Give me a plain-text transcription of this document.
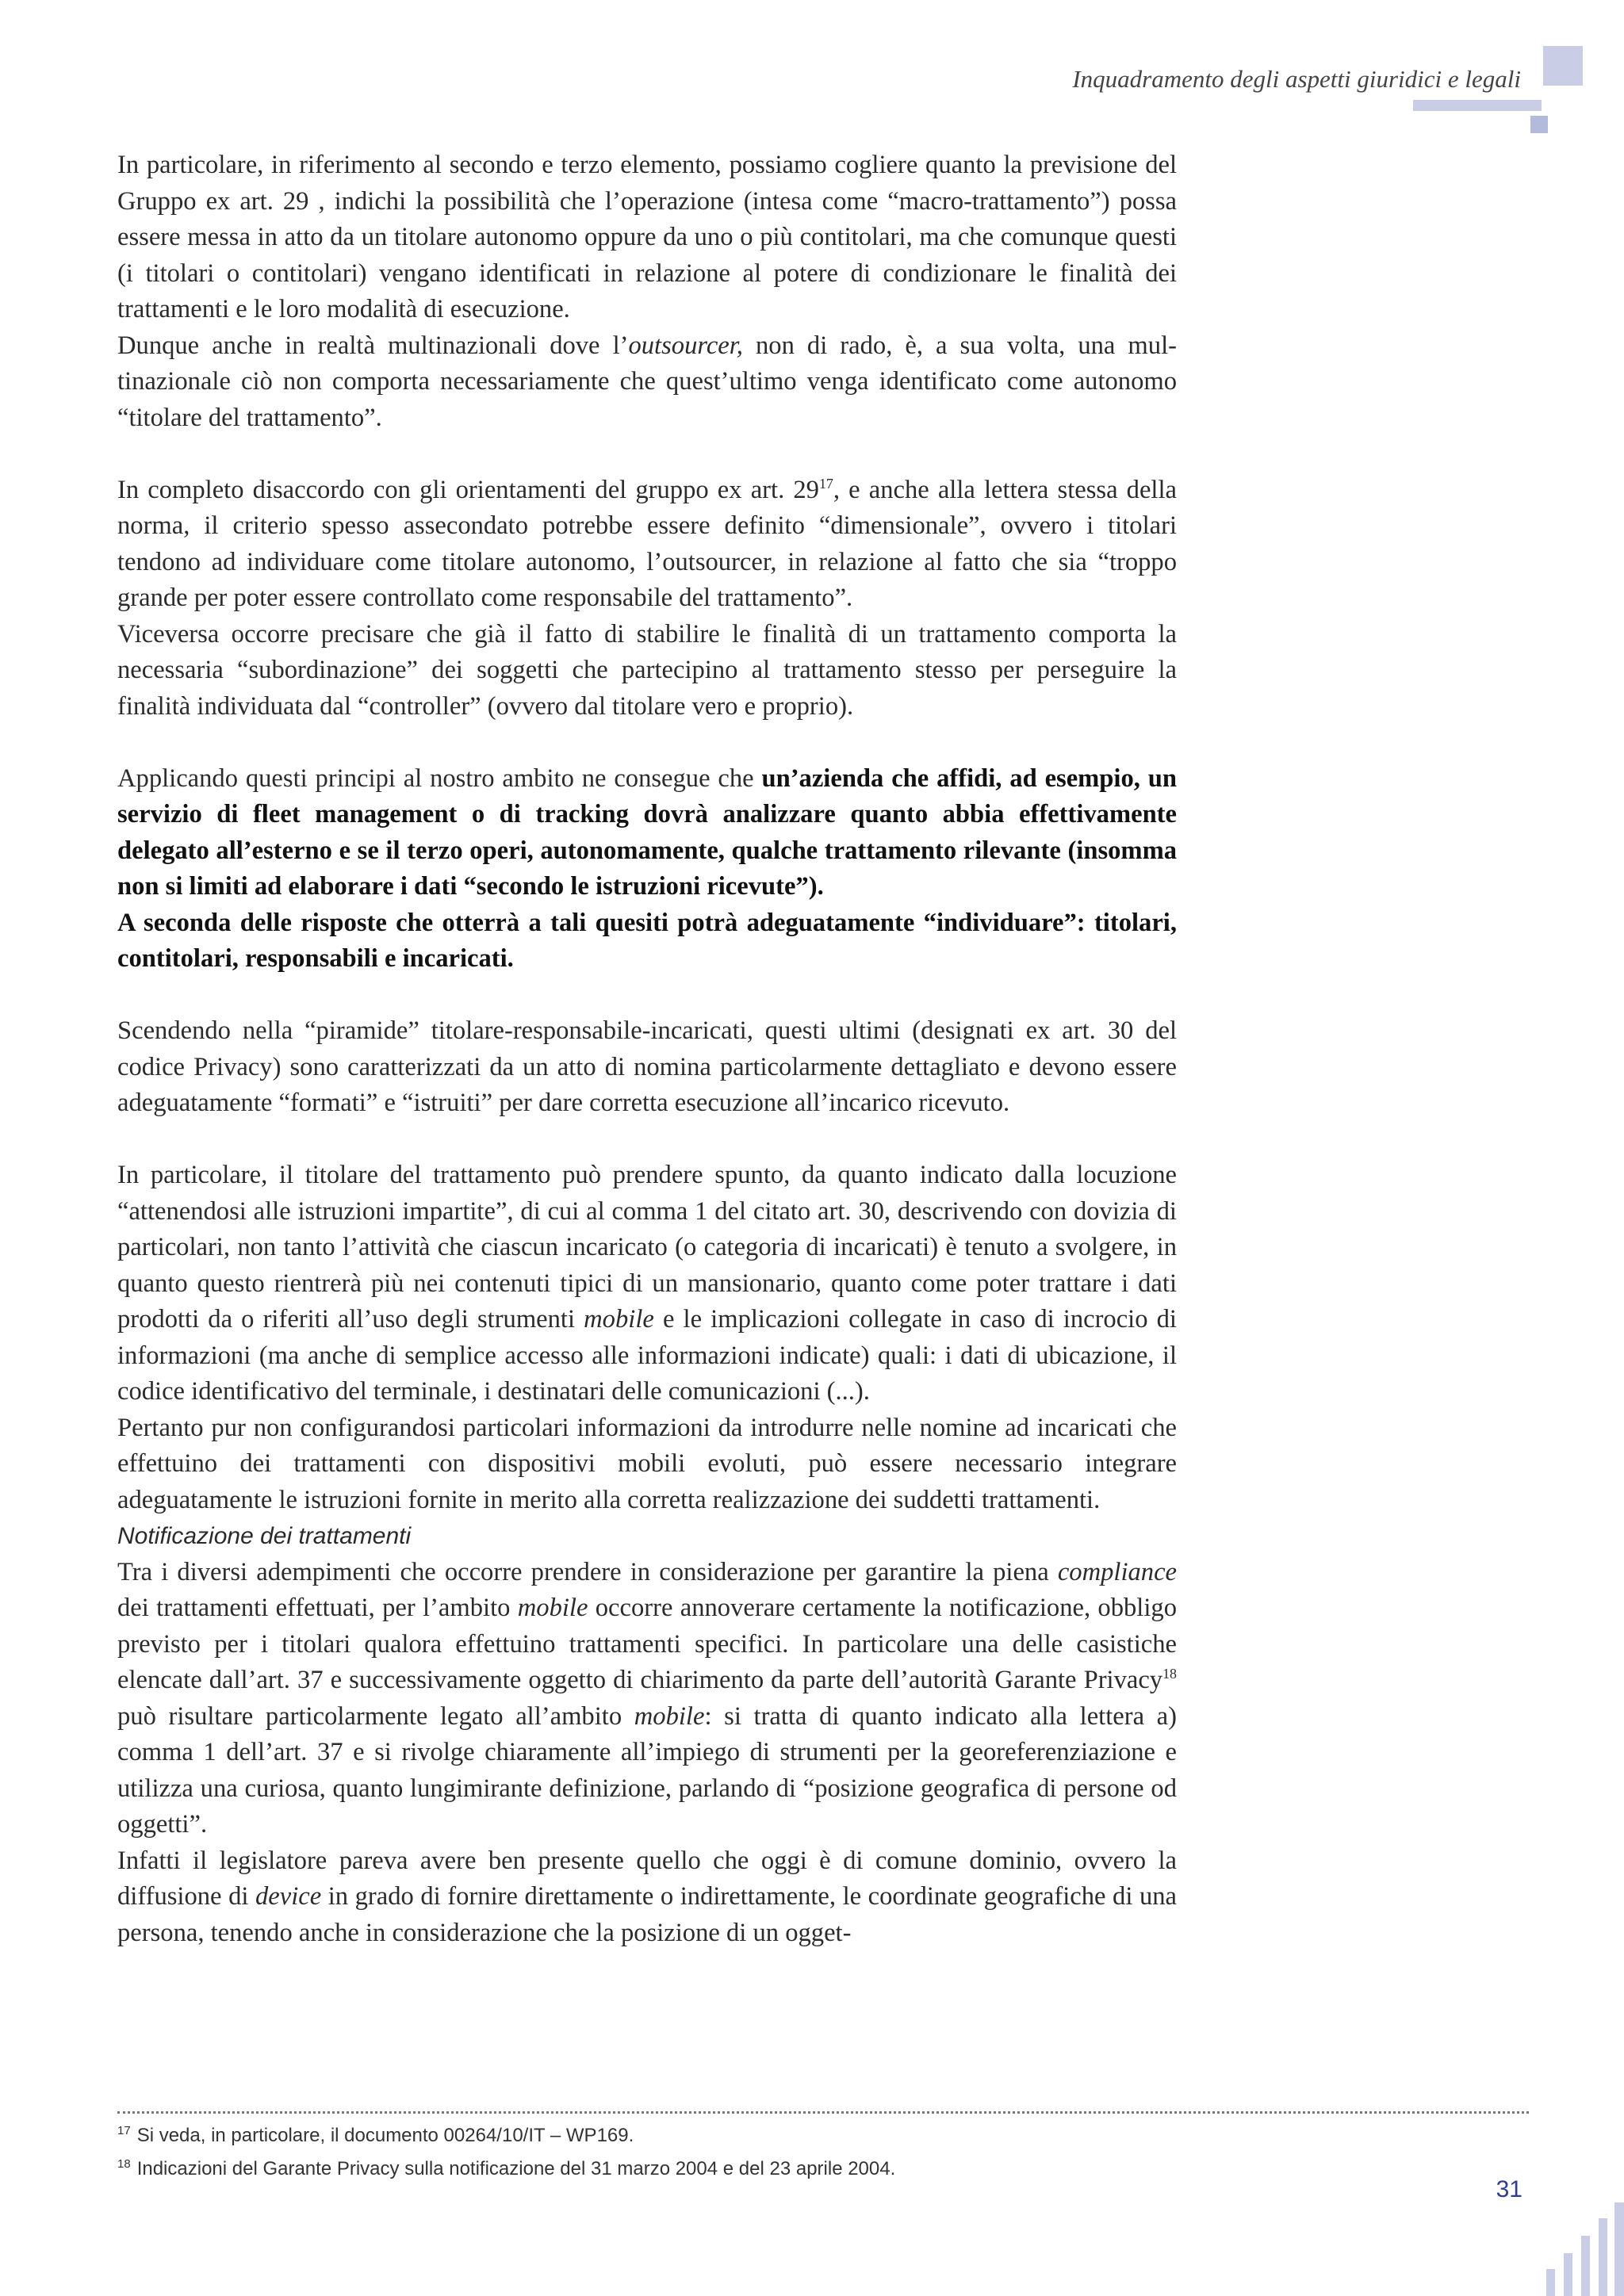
Inquadramento degli aspetti giuridici e legali

In particolare, in riferimento al secondo e terzo elemento, possiamo cogliere quanto la previsione del Gruppo ex art. 29 , indichi la possibilità che l’operazione (intesa come “macro-trattamento”) possa essere messa in atto da un titolare autonomo oppure da uno o più contitolari, ma che comunque questi (i titolari o contitolari) vengano identificati in relazione al potere di condizionare le finalità dei trattamenti e le loro modalità di esecuzione.

Dunque anche in realtà multinazionali dove l’outsourcer, non di rado, è, a sua volta, una multinazionale ciò non comporta necessariamente che quest’ultimo venga identificato come autonomo “titolare del trattamento”.

In completo disaccordo con gli orientamenti del gruppo ex art. $29^{17}$, e anche alla lettera stessa della norma, il criterio spesso assecondato potrebbe essere definito “dimensionale”, ovvero i titolari tendono ad individuare come titolare autonomo, l’outsourcer, in relazione al fatto che sia “troppo grande per poter essere controllato come responsabile del trattamento”.

Viceversa occorre precisare che già il fatto di stabilire le finalità di un trattamento comporta la necessaria “subordinazione” dei soggetti che partecipino al trattamento stesso per perseguire la finalità individuata dal “controller” (ovvero dal titolare vero e proprio).

Applicando questi principi al nostro ambito ne consegue che un’azienda che affidi, ad esempio, un servizio di fleet management o di tracking dovrà analizzare quanto abbia effettivamente delegato all’esterno e se il terzo operi, autonomamente, qualche trattamento rilevante (insomma non si limiti ad elaborare i dati “secondo le istruzioni ricevute”).

A seconda delle risposte che otterrà a tali quesiti potrà adeguatamente “individuare”: titolari, contitolari, responsabili e incaricati.

Scendendo nella “piramide” titolare-responsabile-incaricati, questi ultimi (designati ex art. 30 del codice Privacy) sono caratterizzati da un atto di nomina particolarmente dettagliato e devono essere adeguatamente “formati” e “istruiti” per dare corretta esecuzione all’incarico ricevuto.

In particolare, il titolare del trattamento può prendere spunto, da quanto indicato dalla locuzione “attenendosi alle istruzioni impartite”, di cui al comma 1 del citato art. 30, descrivendo con dovizia di particolari, non tanto l’attività che ciascun incaricato (o categoria di incaricati) è tenuto a svolgere, in quanto questo rientrerà più nei contenuti tipici di un mansionario, quanto come poter trattare i dati prodotti da o riferiti all’uso degli strumenti mobile e le implicazioni collegate in caso di incrocio di informazioni (ma anche di semplice accesso alle informazioni indicate) quali: i dati di ubicazione, il codice identificativo del terminale, i destinatari delle comunicazioni (...).

Pertanto pur non configurandosi particolari informazioni da introdurre nelle nomine ad incaricati che effettuino dei trattamenti con dispositivi mobili evoluti, può essere necessario integrare adeguatamente le istruzioni fornite in merito alla corretta realizzazione dei suddetti trattamenti.

Notificazione dei trattamenti

Tra i diversi adempimenti che occorre prendere in considerazione per garantire la piena compliance dei trattamenti effettuati, per l’ambito mobile occorre annoverare certamente la notificazione, obbligo previsto per i titolari qualora effettuino trattamenti specifici. In particolare una delle casistiche elencate dall’art. 37 e successivamente oggetto di chiarimento da parte dell’autorità Garante Privacy$^{18}$ può risultare particolarmente legato all’ambito mobile: si tratta di quanto indicato alla lettera a) comma 1 dell’art. 37 e si rivolge chiaramente all’impiego di strumenti per la georeferenziazione e utilizza una curiosa, quanto lungimirante definizione, parlando di “posizione geografica di persone od oggetti”.

Infatti il legislatore pareva avere ben presente quello che oggi è di comune dominio, ovvero la diffusione di device in grado di fornire direttamente o indirettamente, le coordinate geografiche di una persona, tenendo anche in considerazione che la posizione di un ogget-

$^{17}$ Si veda, in particolare, il documento 00264/10/IT – WP169.

$^{18}$ Indicazioni del Garante Privacy sulla notificazione del 31 marzo 2004 e del 23 aprile 2004.

31
